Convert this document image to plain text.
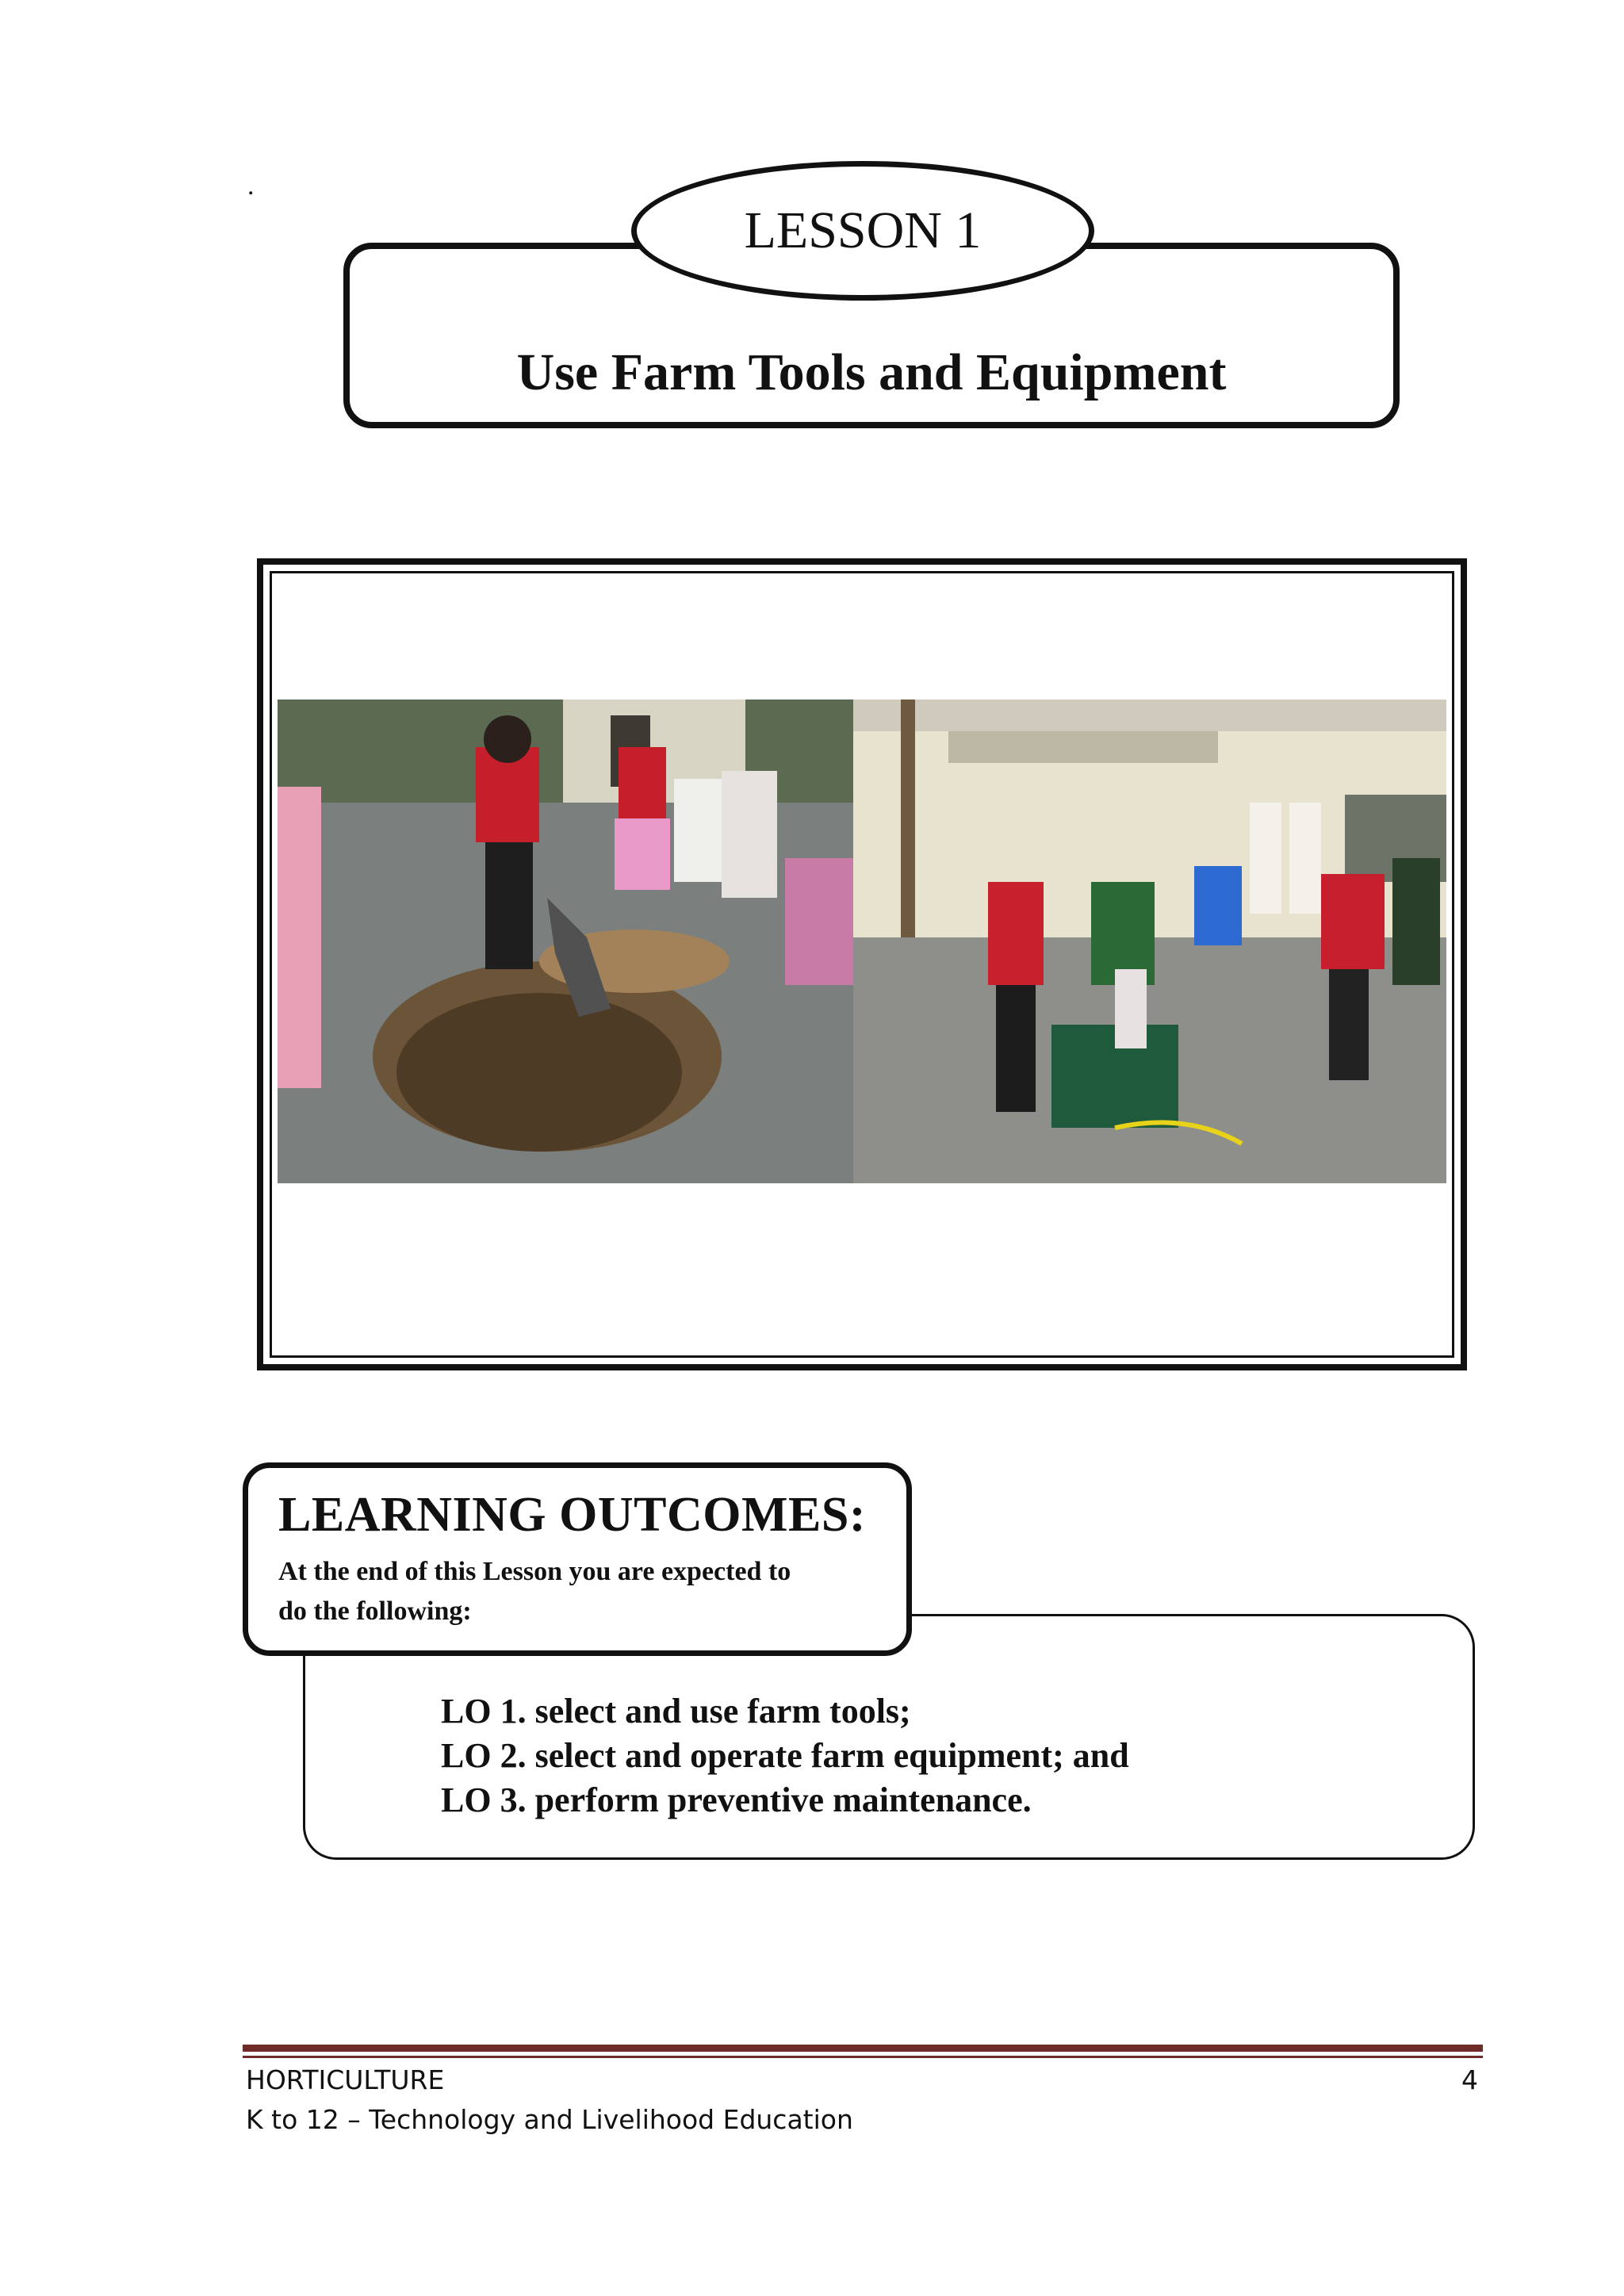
.
Use Farm Tools and Equipment
LESSON 1
LEARNING OUTCOMES:
At the end of this Lesson you are expected to
do the following:
LO 1. select and use farm tools;
LO 2. select and operate farm equipment; and
LO 3. perform preventive maintenance.
HORTICULTURE
K to 12 – Technology and Livelihood Education
4
